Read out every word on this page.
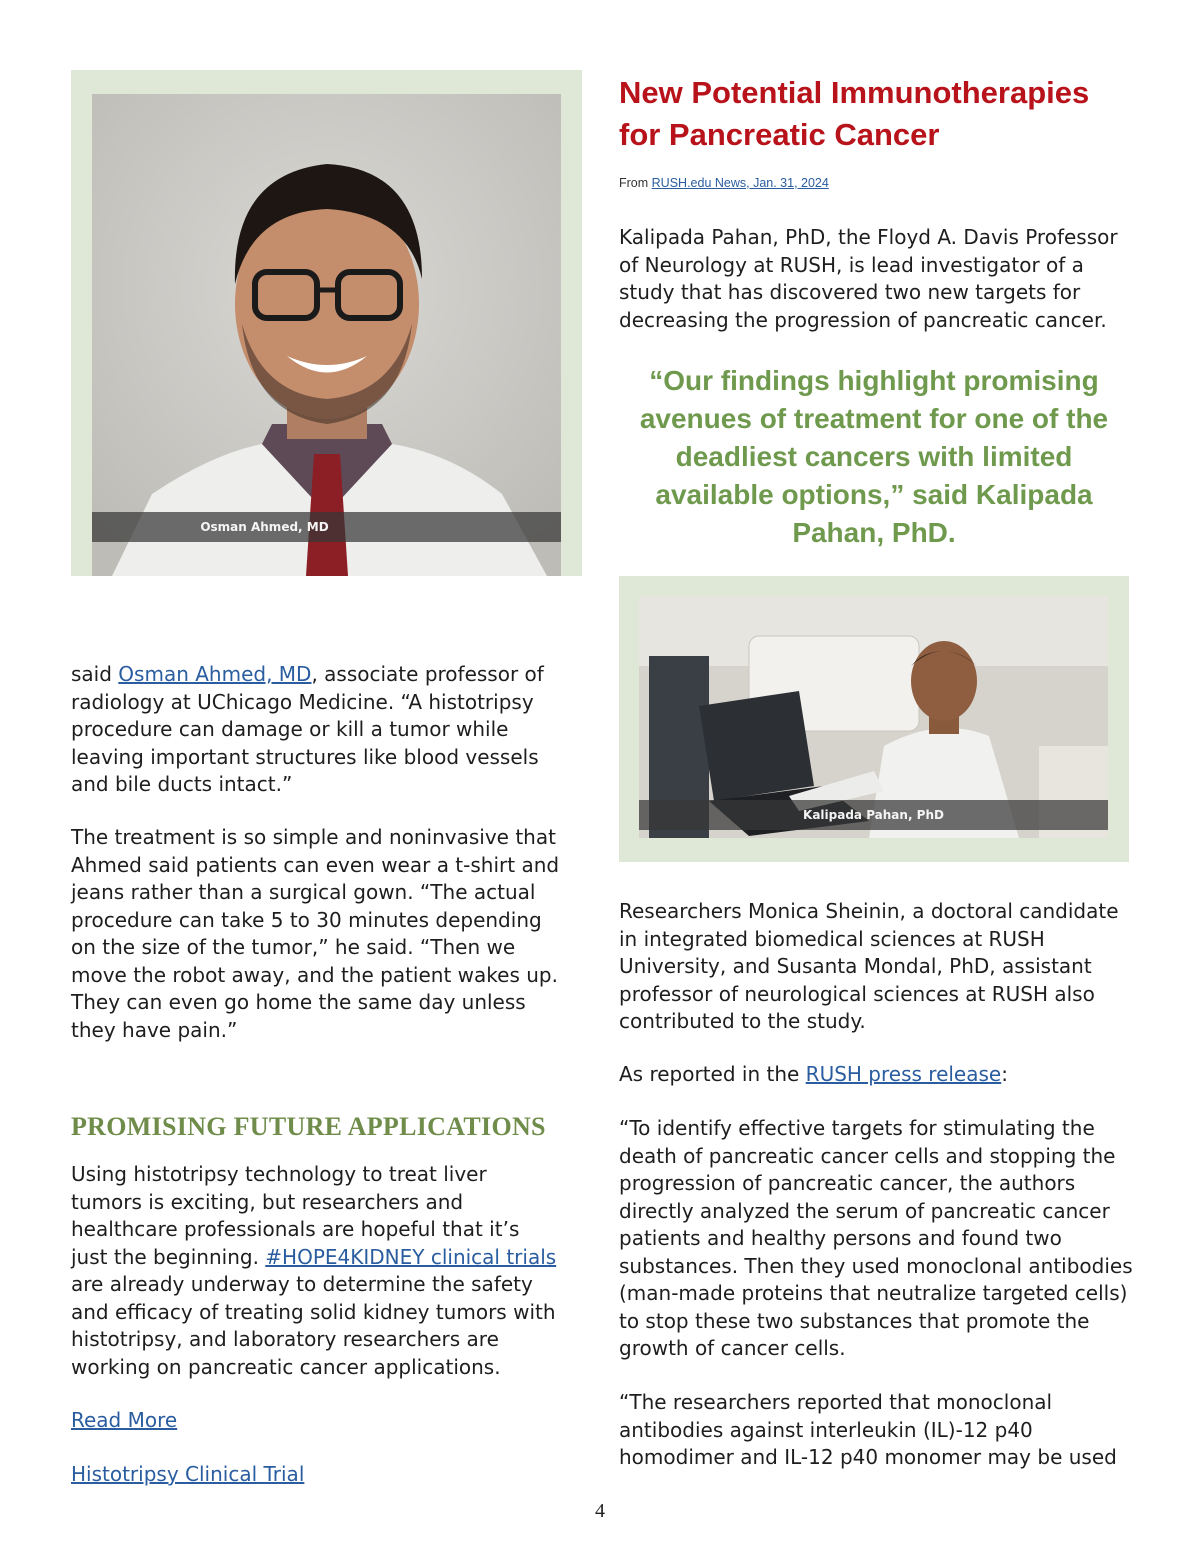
Osman Ahmed, MD
New Potential Immunotherapies for Pancreatic Cancer
From RUSH.edu News, Jan. 31, 2024

Kalipada Pahan, PhD, the Floyd A. Davis Professor of Neurology at RUSH, is lead investigator of a study that has discovered two new targets for decreasing the progression of pancreatic cancer.

“Our findings highlight promising avenues of treatment for one of the deadliest cancers with limited available options,” said Kalipada Pahan, PhD.
Kalipada Pahan, PhD

Researchers Monica Sheinin, a doctoral candidate in integrated biomedical sciences at RUSH University, and Susanta Mondal, PhD, assistant professor of neurological sciences at RUSH also contributed to the study.

As reported in the RUSH press release:

“To identify effective targets for stimulating the death of pancreatic cancer cells and stopping the progression of pancreatic cancer, the authors directly analyzed the serum of pancreatic cancer patients and healthy persons and found two substances. Then they used monoclonal antibodies (man-made proteins that neutralize targeted cells) to stop these two substances that promote the growth of cancer cells.

“The researchers reported that monoclonal antibodies against interleukin (IL)-12 p40 homodimer and IL-12 p40 monomer may be used

said Osman Ahmed, MD, associate professor of radiology at UChicago Medicine. “A histotripsy procedure can damage or kill a tumor while leaving important structures like blood vessels and bile ducts intact.”

The treatment is so simple and noninvasive that Ahmed said patients can even wear a t-shirt and jeans rather than a surgical gown. “The actual procedure can take 5 to 30 minutes depending on the size of the tumor,” he said. “Then we move the robot away, and the patient wakes up. They can even go home the same day unless they have pain.”

PROMISING FUTURE APPLICATIONS

Using histotripsy technology to treat liver tumors is exciting, but researchers and healthcare professionals are hopeful that it’s just the beginning. #HOPE4KIDNEY clinical trials are already underway to determine the safety and efficacy of treating solid kidney tumors with histotripsy, and laboratory researchers are working on pancreatic cancer applications.

Read More
Histotripsy Clinical Trial
4
